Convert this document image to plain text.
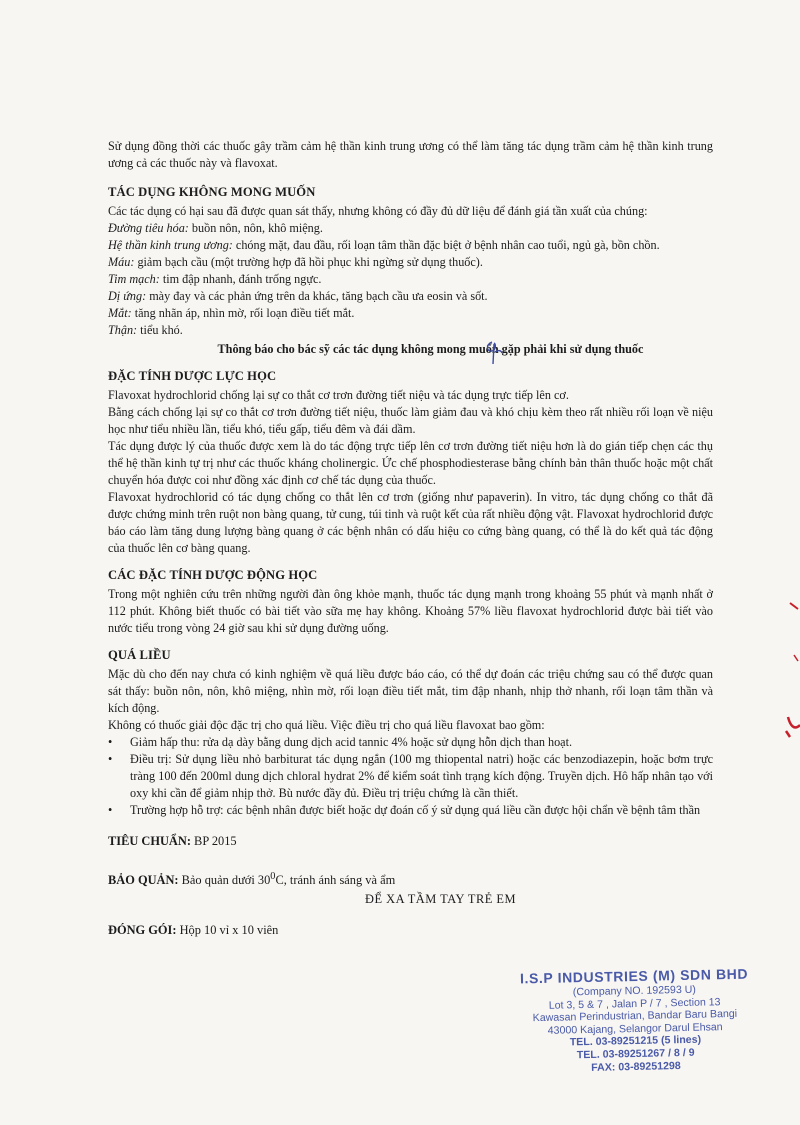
Sử dụng đồng thời các thuốc gây trầm cảm hệ thần kinh trung ương có thể làm tăng tác dụng trầm cảm hệ thần kinh trung ương cả các thuốc này và flavoxat.

TÁC DỤNG KHÔNG MONG MUỐN

Các tác dụng có hại sau đã được quan sát thấy, nhưng không có đầy đủ dữ liệu để đánh giá tần xuất của chúng:

Đường tiêu hóa: buồn nôn, nôn, khô miệng.
Hệ thần kinh trung ương: chóng mặt, đau đầu, rối loạn tâm thần đặc biệt ở bệnh nhân cao tuổi, ngủ gà, bồn chồn.
Máu: giảm bạch cầu (một trường hợp đã hồi phục khi ngừng sử dụng thuốc).
Tim mạch: tim đập nhanh, đánh trống ngực.
Dị ứng: mày đay và các phản ứng trên da khác, tăng bạch cầu ưa eosin và sốt.
Mắt: tăng nhãn áp, nhìn mờ, rối loạn điều tiết mắt.
Thận: tiểu khó.

Thông báo cho bác sỹ các tác dụng không mong muốn gặp phải khi sử dụng thuốc

ĐẶC TÍNH DƯỢC LỰC HỌC

Flavoxat hydrochlorid chống lại sự co thắt cơ trơn đường tiết niệu và tác dụng trực tiếp lên cơ.

Bằng cách chống lại sự co thắt cơ trơn đường tiết niệu, thuốc làm giảm đau và khó chịu kèm theo rất nhiều rối loạn về niệu học như tiểu nhiều lần, tiểu khó, tiểu gấp, tiểu đêm và đái dầm.

Tác dụng được lý của thuốc được xem là do tác động trực tiếp lên cơ trơn đường tiết niệu hơn là do gián tiếp chẹn các thụ thể hệ thần kinh tự trị như các thuốc kháng cholinergic. Ức chế phosphodiesterase bằng chính bản thân thuốc hoặc một chất chuyển hóa được coi như đồng xác định cơ chế tác dụng của thuốc.

Flavoxat hydrochlorid có tác dụng chống co thắt lên cơ trơn (giống như papaverin). In vitro, tác dụng chống co thắt đã được chứng minh trên ruột non bàng quang, tử cung, túi tinh và ruột kết của rất nhiều động vật. Flavoxat hydrochlorid được báo cáo làm tăng dung lượng bàng quang ở các bệnh nhân có dấu hiệu co cứng bàng quang, có thể là do kết quả tác động của thuốc lên cơ bàng quang.

CÁC ĐẶC TÍNH DƯỢC ĐỘNG HỌC

Trong một nghiên cứu trên những người đàn ông khỏe mạnh, thuốc tác dụng mạnh trong khoảng 55 phút và mạnh nhất ở 112 phút. Không biết thuốc có bài tiết vào sữa mẹ hay không. Khoảng 57% liều flavoxat hydrochlorid được bài tiết vào nước tiểu trong vòng 24 giờ sau khi sử dụng đường uống.

QUÁ LIỀU

Mặc dù cho đến nay chưa có kinh nghiệm về quá liều được báo cáo, có thể dự đoán các triệu chứng sau có thể được quan sát thấy: buồn nôn, nôn, khô miệng, nhìn mờ, rối loạn điều tiết mắt, tim đập nhanh, nhịp thở nhanh, rối loạn tâm thần và kích động.

Không có thuốc giải độc đặc trị cho quá liều. Việc điều trị cho quá liều flavoxat bao gồm:

• Giảm hấp thu: rửa dạ dày bằng dung dịch acid tannic 4% hoặc sử dụng hỗn dịch than hoạt.
• Điều trị: Sử dụng liều nhỏ barbiturat tác dụng ngắn (100 mg thiopental natri) hoặc các benzodiazepin, hoặc bơm trực tràng 100 đến 200ml dung dịch chloral hydrat 2% để kiểm soát tình trạng kích động. Truyền dịch. Hô hấp nhân tạo với oxy khi cần để giảm nhịp thở. Bù nước đầy đủ. Điều trị triệu chứng là cần thiết.
• Trường hợp hỗ trợ: các bệnh nhân được biết hoặc dự đoán cố ý sử dụng quá liều cần được hội chẩn về bệnh tâm thần
TIÊU CHUẨN: BP 2015
BẢO QUẢN: Bảo quản dưới $30^0C$, tránh ánh sáng và ẩm

ĐỂ XA TẦM TAY TRẺ EM

ĐÓNG GÓI: Hộp 10 vỉ x 10 viên
I.S.P INDUSTRIES (M) SDN BHD
(Company NO. 192593 U)
Lot 3, 5 & 7 , Jalan P / 7 , Section 13
Kawasan Perindustrian, Bandar Baru Bangi
43000 Kajang, Selangor Darul Ehsan
TEL. 03-89251215 (5 lines)
TEL. 03-89251267 / 8 / 9
FAX: 03-89251298
